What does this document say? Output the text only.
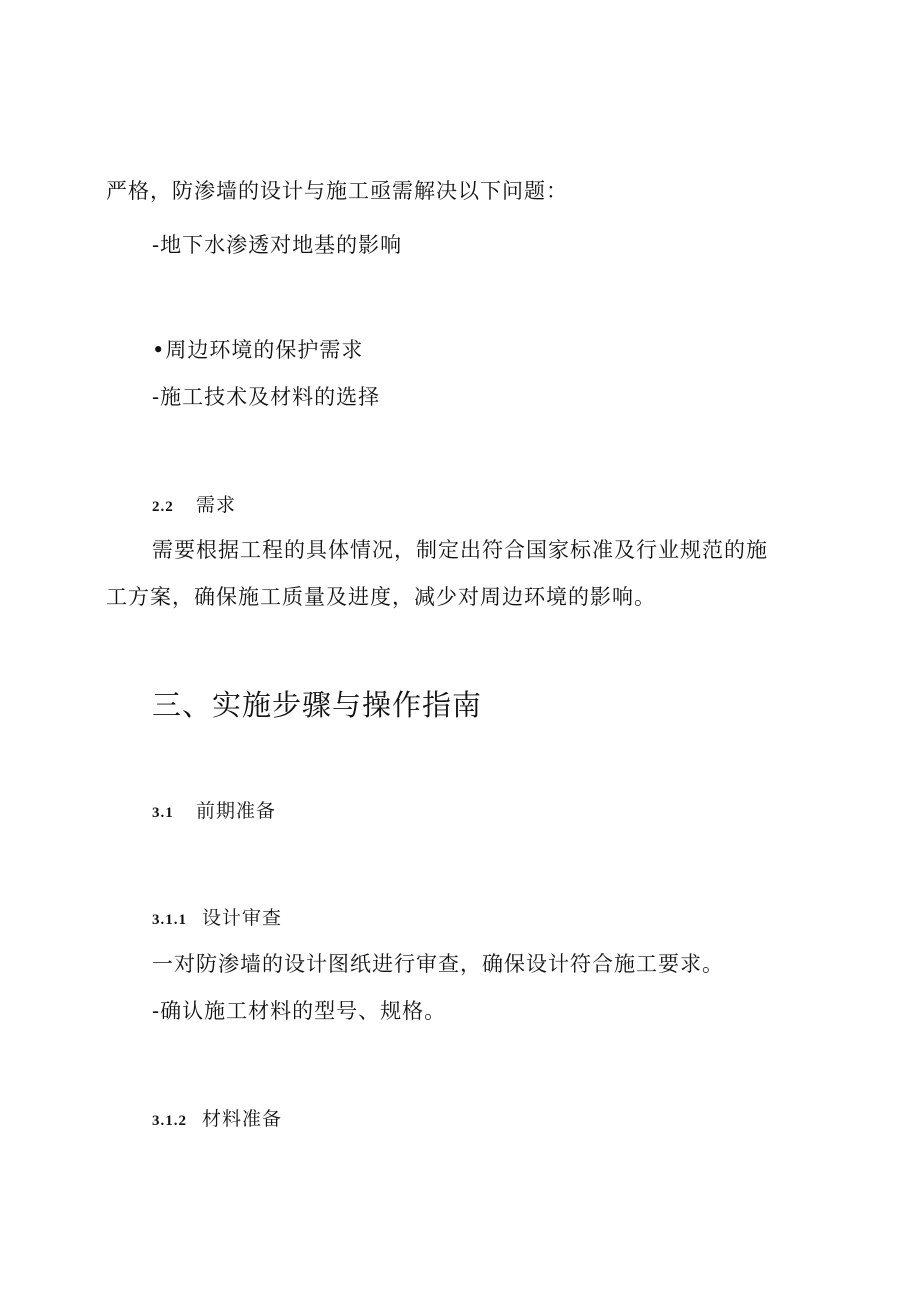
严格，防渗墙的设计与施工亟需解决以下问题：
-地下水渗透对地基的影响
•周边环境的保护需求
-施工技术及材料的选择
2.2 需求
需要根据工程的具体情况，制定出符合国家标准及行业规范的施
工方案，确保施工质量及进度，减少对周边环境的影响。
三、实施步骤与操作指南
3.1 前期准备
3.1.1 设计审查
一对防渗墙的设计图纸进行审查，确保设计符合施工要求。
-确认施工材料的型号、规格。
3.1.2 材料准备
